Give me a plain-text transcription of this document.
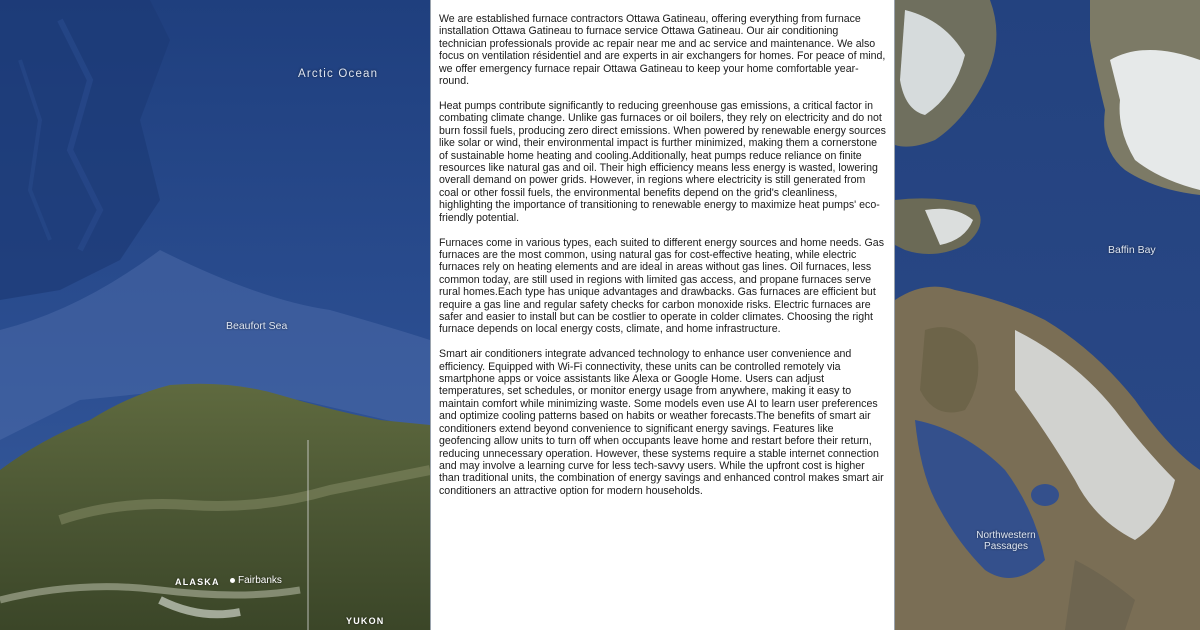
Arctic Ocean
Beaufort Sea
ALASKA	Fairbanks
YUKON

We are established furnace contractors Ottawa Gatineau, offering everything from furnace installation Ottawa Gatineau to furnace service Ottawa Gatineau. Our air conditioning technician professionals provide ac repair near me and ac service and maintenance. We also focus on ventilation résidentiel and are experts in air exchangers for homes. For peace of mind, we offer emergency furnace repair Ottawa Gatineau to keep your home comfortable year-round.

Heat pumps contribute significantly to reducing greenhouse gas emissions, a critical factor in combating climate change. Unlike gas furnaces or oil boilers, they rely on electricity and do not burn fossil fuels, producing zero direct emissions. When powered by renewable energy sources like solar or wind, their environmental impact is further minimized, making them a cornerstone of sustainable home heating and cooling.Additionally, heat pumps reduce reliance on finite resources like natural gas and oil. Their high efficiency means less energy is wasted, lowering overall demand on power grids. However, in regions where electricity is still generated from coal or other fossil fuels, the environmental benefits depend on the grid's cleanliness, highlighting the importance of transitioning to renewable energy to maximize heat pumps' eco-friendly potential.

Furnaces come in various types, each suited to different energy sources and home needs. Gas furnaces are the most common, using natural gas for cost-effective heating, while electric furnaces rely on heating elements and are ideal in areas without gas lines. Oil furnaces, less common today, are still used in regions with limited gas access, and propane furnaces serve rural homes.Each type has unique advantages and drawbacks. Gas furnaces are efficient but require a gas line and regular safety checks for carbon monoxide risks. Electric furnaces are safer and easier to install but can be costlier to operate in colder climates. Choosing the right furnace depends on local energy costs, climate, and home infrastructure.

Smart air conditioners integrate advanced technology to enhance user convenience and efficiency. Equipped with Wi-Fi connectivity, these units can be controlled remotely via smartphone apps or voice assistants like Alexa or Google Home. Users can adjust temperatures, set schedules, or monitor energy usage from anywhere, making it easy to maintain comfort while minimizing waste. Some models even use AI to learn user preferences and optimize cooling patterns based on habits or weather forecasts.The benefits of smart air conditioners extend beyond convenience to significant energy savings. Features like geofencing allow units to turn off when occupants leave home and restart before their return, reducing unnecessary operation. However, these systems require a stable internet connection and may involve a learning curve for less tech-savvy users. While the upfront cost is higher than traditional units, the combination of energy savings and enhanced control makes smart air conditioners an attractive option for modern households.

Baffin Bay
Northwestern Passages
